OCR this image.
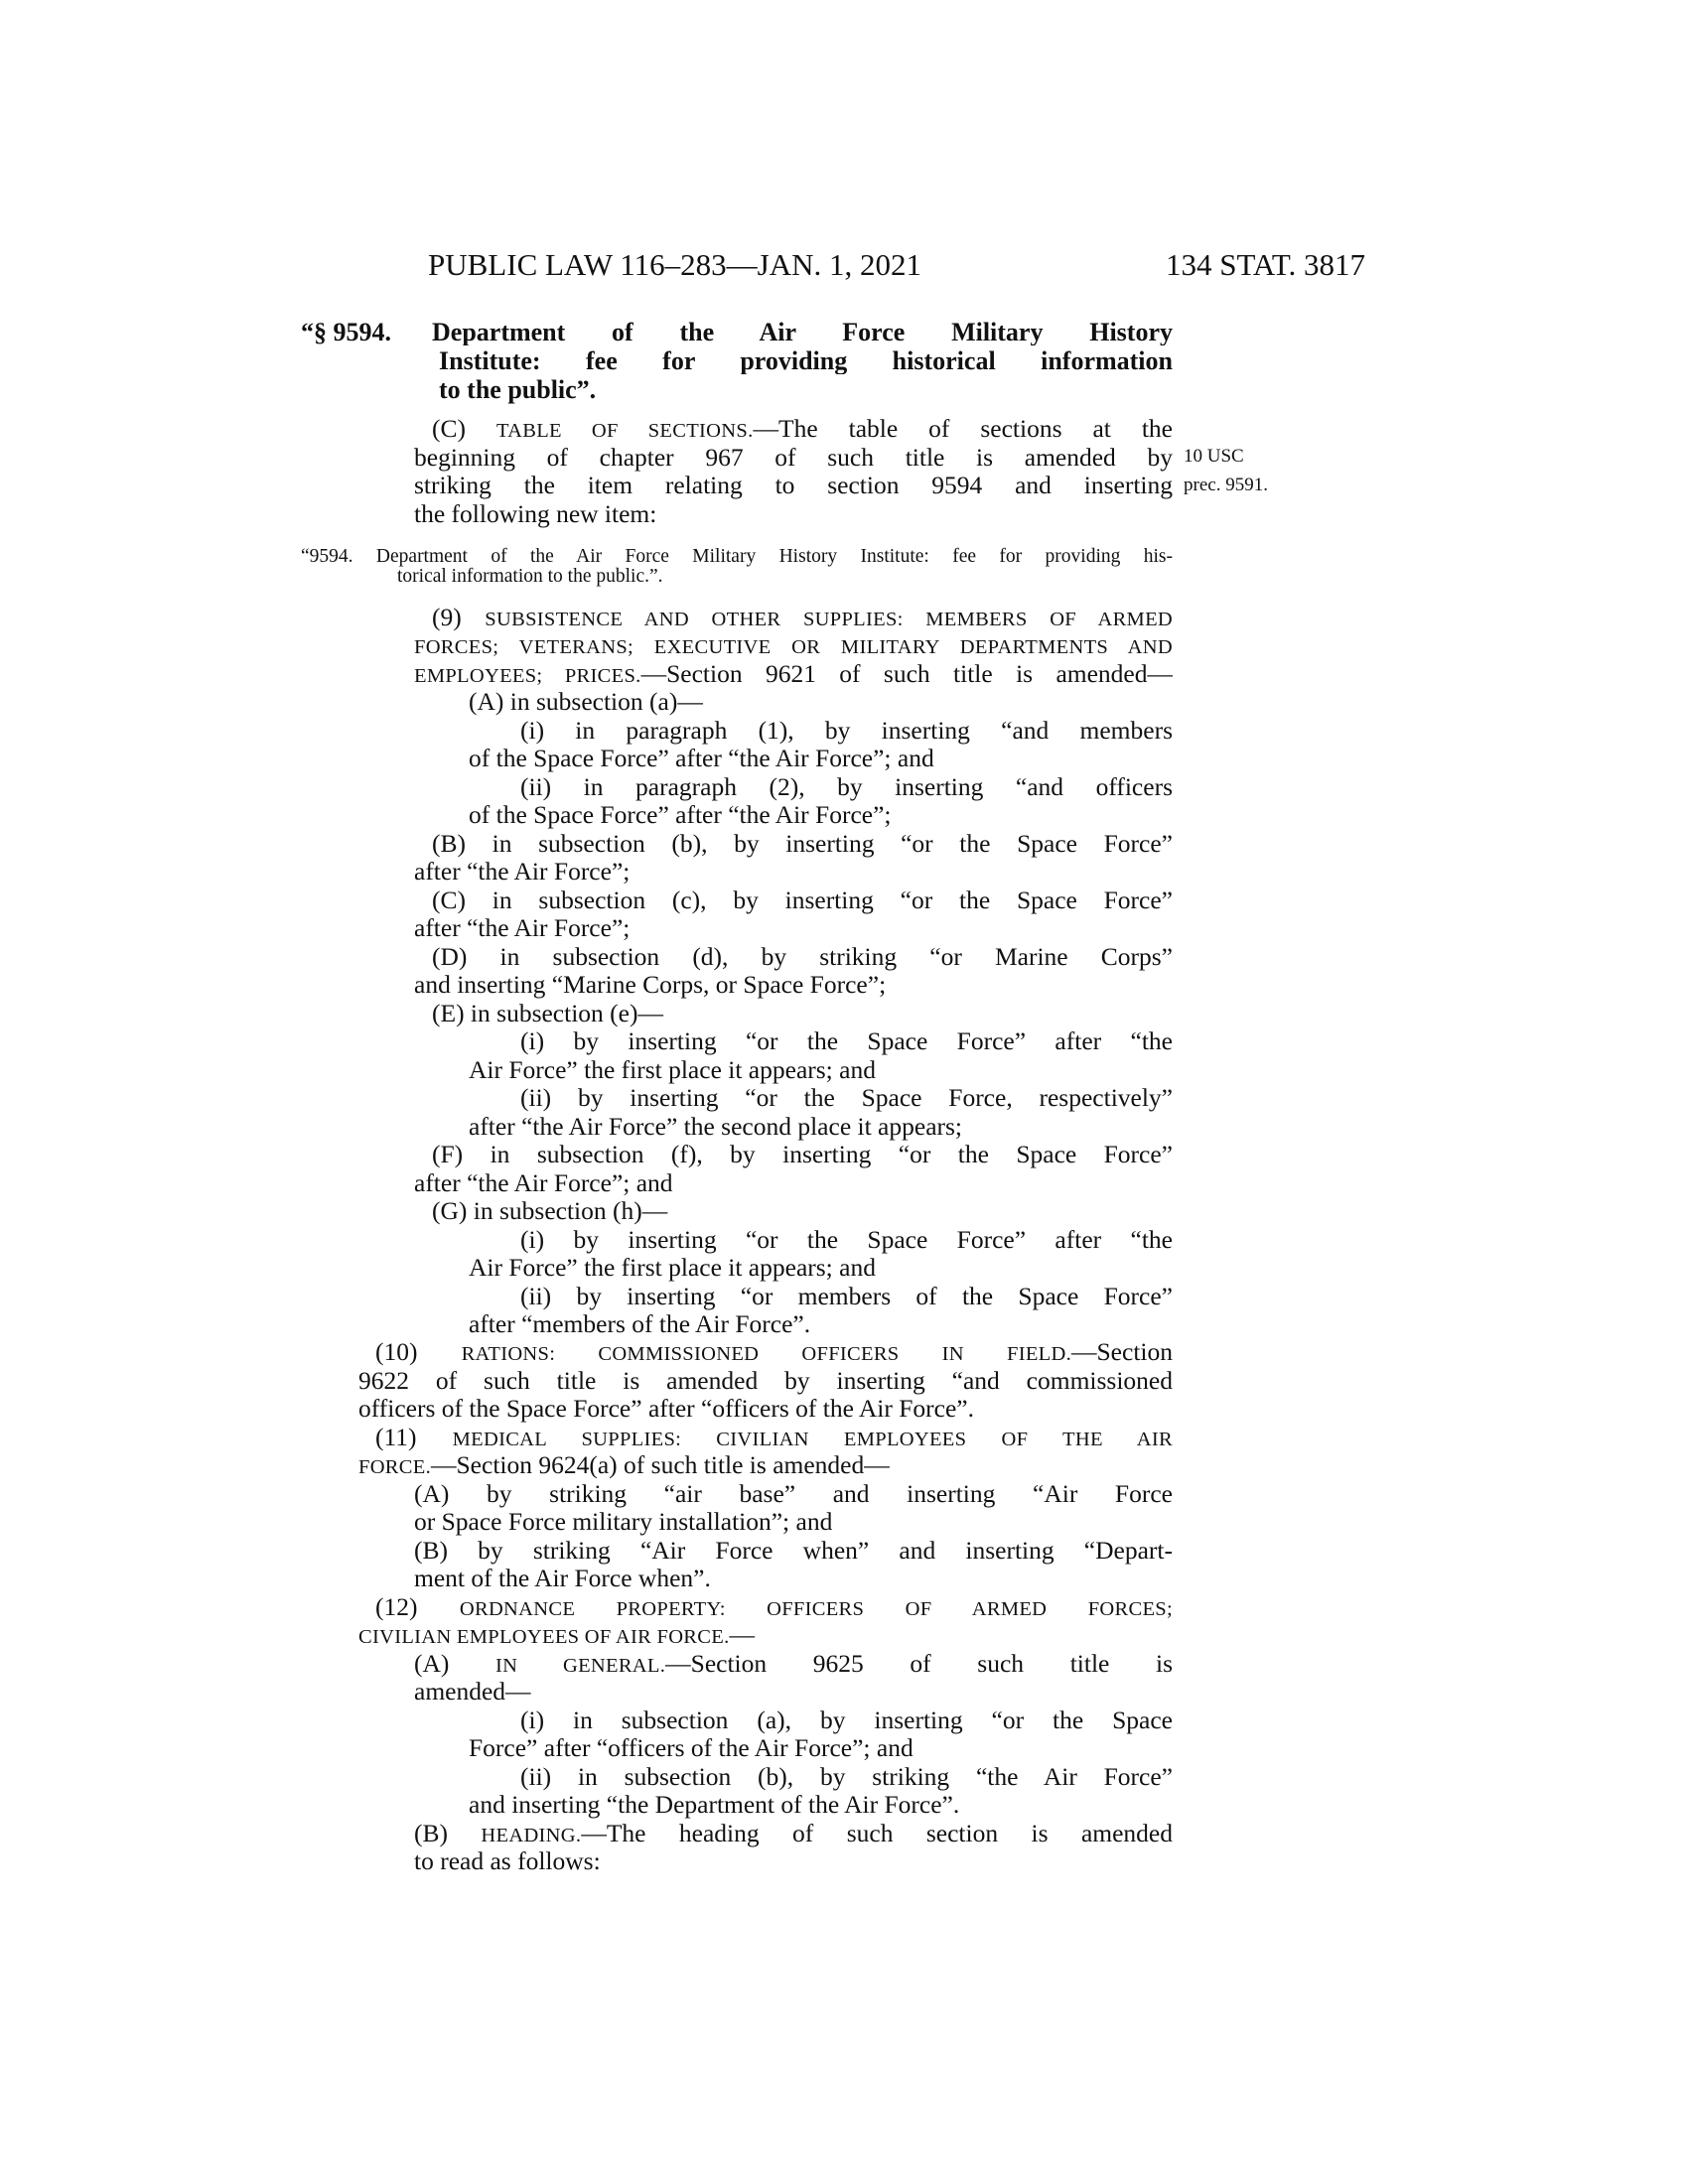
PUBLIC LAW 116–283—JAN. 1, 2021	134 STAT. 3817
“§ 9594. Department of the Air Force Military History
Institute: fee for providing historical information
to the public”.
(C) TABLE OF SECTIONS.—The table of sections at the
beginning of chapter 967 of such title is amended by
striking the item relating to section 9594 and inserting
the following new item:
10 USC
prec. 9591.
“9594. Department of the Air Force Military History Institute: fee for providing his-
torical information to the public.”.
(9) SUBSISTENCE AND OTHER SUPPLIES: MEMBERS OF ARMED
FORCES; VETERANS; EXECUTIVE OR MILITARY DEPARTMENTS AND
EMPLOYEES; PRICES.—Section 9621 of such title is amended—
(A) in subsection (a)—
(i) in paragraph (1), by inserting “and members
of the Space Force” after “the Air Force”; and
(ii) in paragraph (2), by inserting “and officers
of the Space Force” after “the Air Force”;
(B) in subsection (b), by inserting “or the Space Force”
after “the Air Force”;
(C) in subsection (c), by inserting “or the Space Force”
after “the Air Force”;
(D) in subsection (d), by striking “or Marine Corps”
and inserting “Marine Corps, or Space Force”;
(E) in subsection (e)—
(i) by inserting “or the Space Force” after “the
Air Force” the first place it appears; and
(ii) by inserting “or the Space Force, respectively”
after “the Air Force” the second place it appears;
(F) in subsection (f), by inserting “or the Space Force”
after “the Air Force”; and
(G) in subsection (h)—
(i) by inserting “or the Space Force” after “the
Air Force” the first place it appears; and
(ii) by inserting “or members of the Space Force”
after “members of the Air Force”.
(10) RATIONS: COMMISSIONED OFFICERS IN FIELD.—Section
9622 of such title is amended by inserting “and commissioned
officers of the Space Force” after “officers of the Air Force”.
(11) MEDICAL SUPPLIES: CIVILIAN EMPLOYEES OF THE AIR
FORCE.—Section 9624(a) of such title is amended—
(A) by striking “air base” and inserting “Air Force
or Space Force military installation”; and
(B) by striking “Air Force when” and inserting “Depart-
ment of the Air Force when”.
(12) ORDNANCE PROPERTY: OFFICERS OF ARMED FORCES;
CIVILIAN EMPLOYEES OF AIR FORCE.—
(A) IN GENERAL.—Section 9625 of such title is
amended—
(i) in subsection (a), by inserting “or the Space
Force” after “officers of the Air Force”; and
(ii) in subsection (b), by striking “the Air Force”
and inserting “the Department of the Air Force”.
(B) HEADING.—The heading of such section is amended
to read as follows:
